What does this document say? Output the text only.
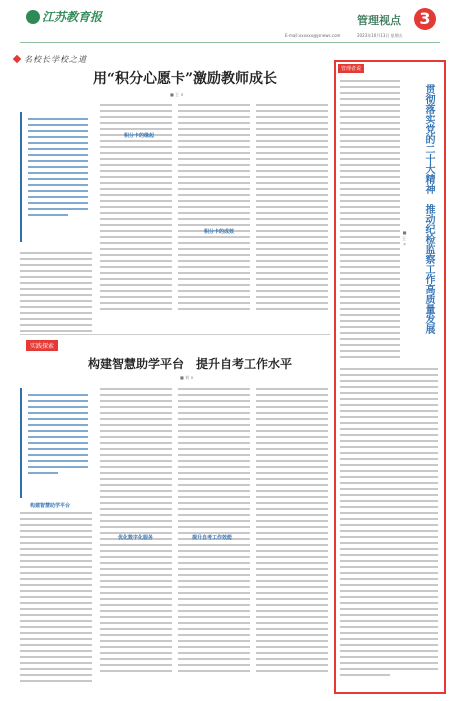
江苏教育报
E-mail:xxxxxx@jsnews.com
管理视点	3
2023年10月13日 星期五
名校长学校之道
用“积分心愿卡”激励教师成长
■ 王 ×
积分卡的缘起
积分卡的成效
实践探索
构建智慧助学平台　提升自考工作水平
■ 刘 ×
构建智慧助学平台
优化数字化服务	提升自考工作效能
管理者说
贯彻落实党的二十大精神　推动纪检监察工作高质量发展
■ 王 ×
